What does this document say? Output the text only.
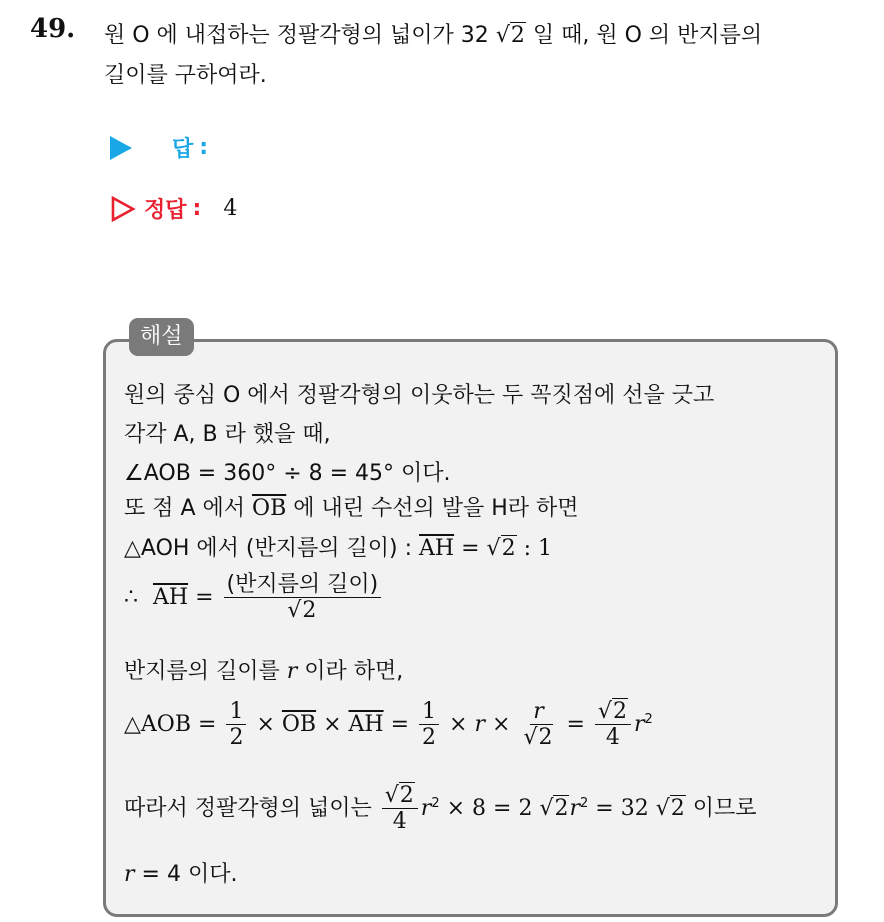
49. 원 O 에 내접하는 정팔각형의 넓이가 32 √2 일 때, 원 O 의 반지름의
길이를 구하여라.
답 :
정답 : 4
해설
원의 중심 O 에서 정팔각형의 이웃하는 두 꼭짓점에 선을 긋고
각각 A, B 라 했을 때,
∠AOB = 360° ÷ 8 = 45° 이다.
또 점 A 에서 $\overline{OB}$ 에 내린 수선의 발을 H라 하면
△AOH 에서 (반지름의 길이) : $\overline{AH} = √2$ : 1
∴ $\overline{AH} = \frac{\text{(반지름의 길이)}}{√2}$
반지름의 길이를 r 이라 하면,
△AOB = $\frac{1}{2} \times \overline{OB} \times \overline{AH} = \frac{1}{2} \times r \times \frac{r}{√2} = \frac{√2}{4} r^2$
따라서 정팔각형의 넓이는 $\frac{√2}{4} r^2 \times 8 = 2$ $√2r^2 = 32$ √2 이므로
r = 4 이다.
